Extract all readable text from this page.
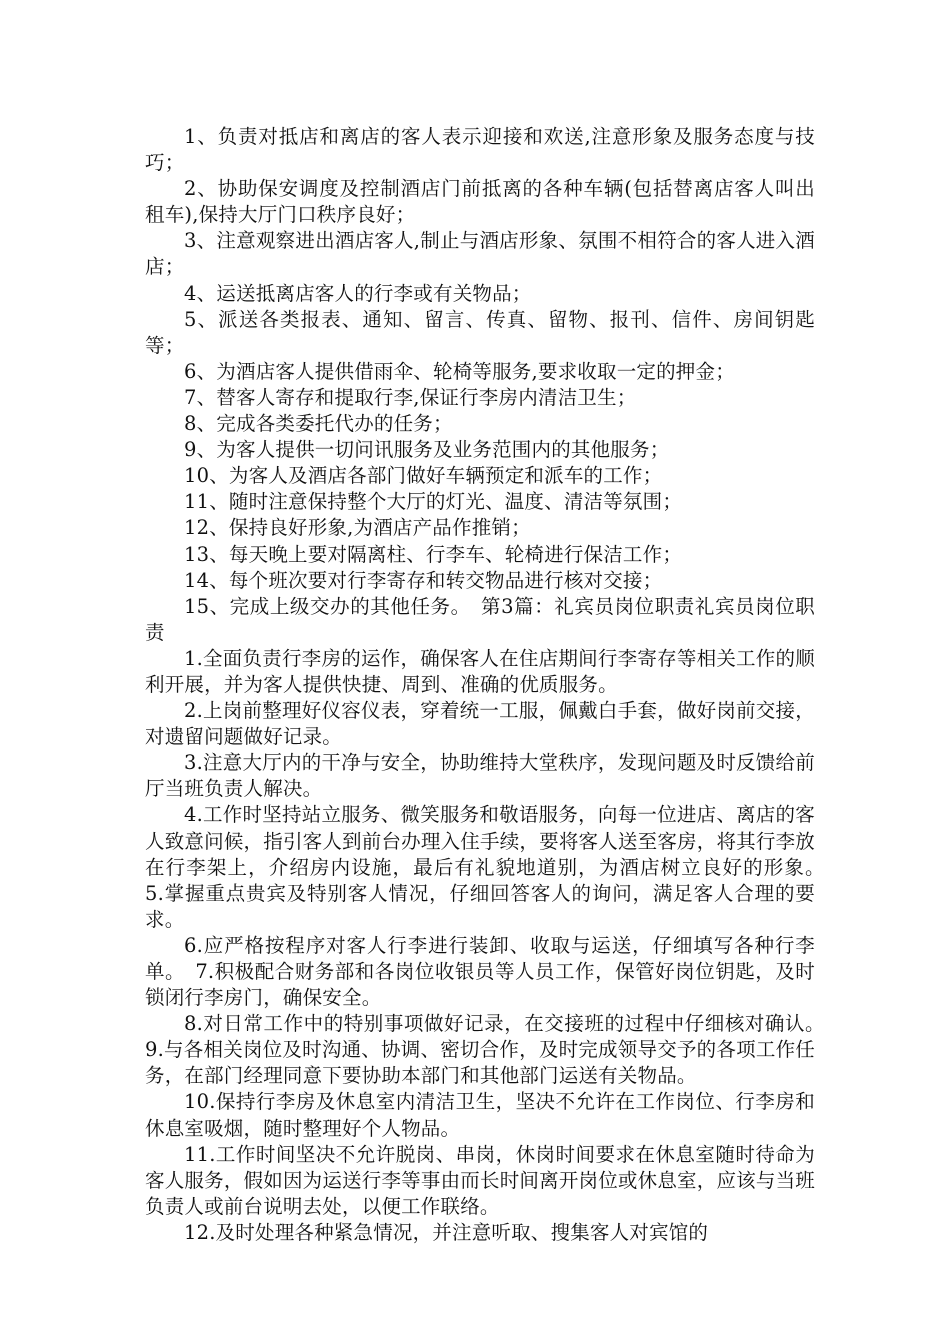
1、负责对抵店和离店的客人表示迎接和欢送,注意形象及服务态度与技巧；

2、协助保安调度及控制酒店门前抵离的各种车辆(包括替离店客人叫出租车),保持大厅门口秩序良好；

3、注意观察进出酒店客人,制止与酒店形象、氛围不相符合的客人进入酒店；

4、运送抵离店客人的行李或有关物品；

5、派送各类报表、通知、留言、传真、留物、报刊、信件、房间钥匙等；

6、为酒店客人提供借雨伞、轮椅等服务,要求收取一定的押金；

7、替客人寄存和提取行李,保证行李房内清洁卫生；

8、完成各类委托代办的任务；

9、为客人提供一切问讯服务及业务范围内的其他服务；

10、为客人及酒店各部门做好车辆预定和派车的工作；

11、随时注意保持整个大厅的灯光、温度、清洁等氛围；

12、保持良好形象,为酒店产品作推销；

13、每天晚上要对隔离柱、行李车、轮椅进行保洁工作；

14、每个班次要对行李寄存和转交物品进行核对交接；

15、完成上级交办的其他任务。　第3篇：礼宾员岗位职责礼宾员岗位职责

1.全面负责行李房的运作，确保客人在住店期间行李寄存等相关工作的顺利开展，并为客人提供快捷、周到、准确的优质服务。

2.上岗前整理好仪容仪表，穿着统一工服，佩戴白手套，做好岗前交接，对遗留问题做好记录。

3.注意大厅内的干净与安全，协助维持大堂秩序，发现问题及时反馈给前厅当班负责人解决。

4.工作时坚持站立服务、微笑服务和敬语服务，向每一位进店、离店的客人致意问候，指引客人到前台办理入住手续，要将客人送至客房，将其行李放在行李架上，介绍房内设施，最后有礼貌地道别，为酒店树立良好的形象。　5.掌握重点贵宾及特别客人情况，仔细回答客人的询问，满足客人合理的要求。

6.应严格按程序对客人行李进行装卸、收取与运送，仔细填写各种行李单。　7.积极配合财务部和各岗位收银员等人员工作，保管好岗位钥匙，及时锁闭行李房门，确保安全。

8.对日常工作中的特别事项做好记录，在交接班的过程中仔细核对确认。　9.与各相关岗位及时沟通、协调、密切合作，及时完成领导交予的各项工作任务，在部门经理同意下要协助本部门和其他部门运送有关物品。

10.保持行李房及休息室内清洁卫生，坚决不允许在工作岗位、行李房和休息室吸烟，随时整理好个人物品。

11.工作时间坚决不允许脱岗、串岗，休岗时间要求在休息室随时待命为客人服务，假如因为运送行李等事由而长时间离开岗位或休息室，应该与当班负责人或前台说明去处，以便工作联络。

12.及时处理各种紧急情况，并注意听取、搜集客人对宾馆的
